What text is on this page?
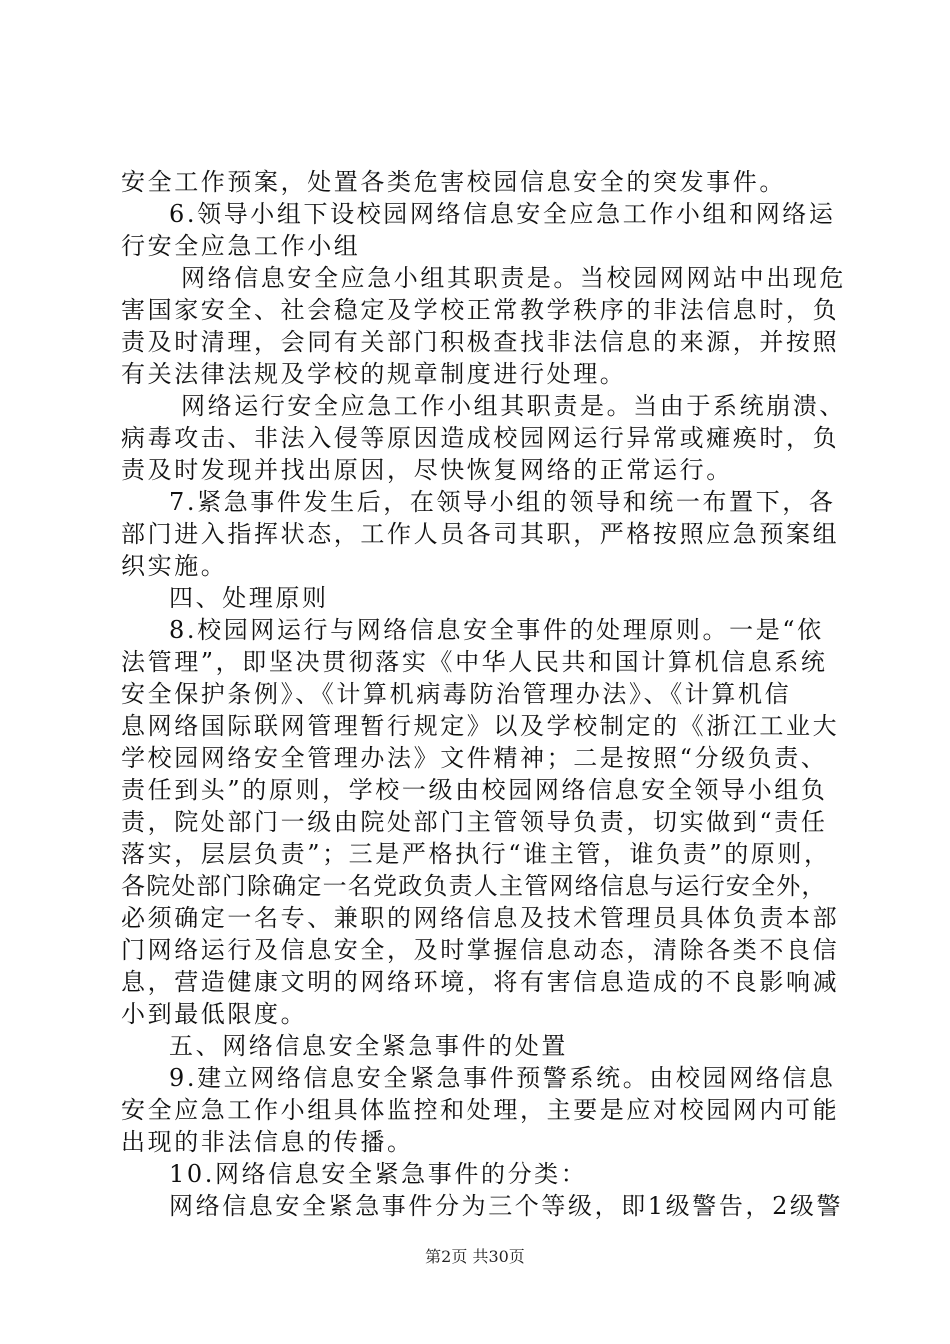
安全工作预案，处置各类危害校园信息安全的突发事件。
6.领导小组下设校园网络信息安全应急工作小组和网络运
行安全应急工作小组
网络信息安全应急小组其职责是。当校园网网站中出现危
害国家安全、社会稳定及学校正常教学秩序的非法信息时，负
责及时清理，会同有关部门积极查找非法信息的来源，并按照
有关法律法规及学校的规章制度进行处理。
网络运行安全应急工作小组其职责是。当由于系统崩溃、
病毒攻击、非法入侵等原因造成校园网运行异常或瘫痪时，负
责及时发现并找出原因，尽快恢复网络的正常运行。
7.紧急事件发生后，在领导小组的领导和统一布置下，各
部门进入指挥状态，工作人员各司其职，严格按照应急预案组
织实施。
四、处理原则
8.校园网运行与网络信息安全事件的处理原则。一是“依
法管理”，即坚决贯彻落实《中华人民共和国计算机信息系统
安全保护条例》、《计算机病毒防治管理办法》、《计算机信
息网络国际联网管理暂行规定》以及学校制定的《浙江工业大
学校园网络安全管理办法》文件精神；二是按照“分级负责、
责任到头”的原则，学校一级由校园网络信息安全领导小组负
责，院处部门一级由院处部门主管领导负责，切实做到“责任
落实，层层负责”；三是严格执行“谁主管，谁负责”的原则，
各院处部门除确定一名党政负责人主管网络信息与运行安全外，
必须确定一名专、兼职的网络信息及技术管理员具体负责本部
门网络运行及信息安全，及时掌握信息动态，清除各类不良信
息，营造健康文明的网络环境，将有害信息造成的不良影响减
小到最低限度。
五、网络信息安全紧急事件的处置
9.建立网络信息安全紧急事件预警系统。由校园网络信息
安全应急工作小组具体监控和处理，主要是应对校园网内可能
出现的非法信息的传播。
10.网络信息安全紧急事件的分类：
网络信息安全紧急事件分为三个等级，即1级警告，2级警
第2页 共30页
